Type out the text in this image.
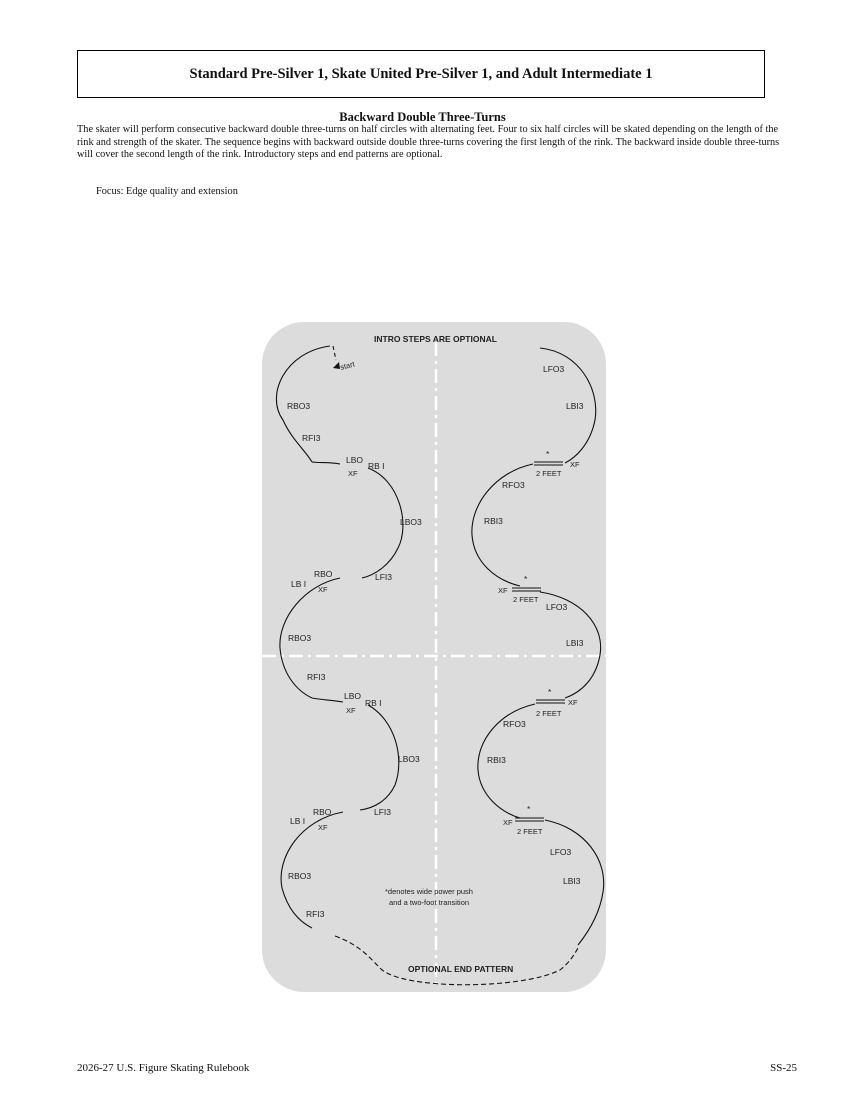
Standard Pre-Silver 1, Skate United Pre-Silver 1, and Adult Intermediate 1
Backward Double Three-Turns

The skater will perform consecutive backward double three-turns on half circles with alternating feet. Four to six half circles will be skated depending on the length of the rink and strength of the skater. The sequence begins with backward outside double three-turns covering the first length of the rink. The backward inside double three-turns will cover the second length of the rink. Introductory steps and end patterns are optional.

Focus: Edge quality and extension
INTRO STEPS ARE OPTIONAL
start
RBO3
RFI3
LBO
RB I
XF
LBO3
RBO
LB I
XF
LFI3
RBO3
RFI3
LBO
RB I
XF
LBO3
RBO
LB I
XF
LFI3
RBO3
RFI3
LFO3
LBI3
*
2 FEET
XF
RFO3
RBI3
*
XF
2 FEET
LFO3
LBI3
*
2 FEET
XF
RFO3
RBI3
*
XF
2 FEET
LFO3
LBI3
*denotes wide power push
and a two-foot transition
OPTIONAL END PATTERN
2026-27 U.S. Figure Skating Rulebook	SS-25
